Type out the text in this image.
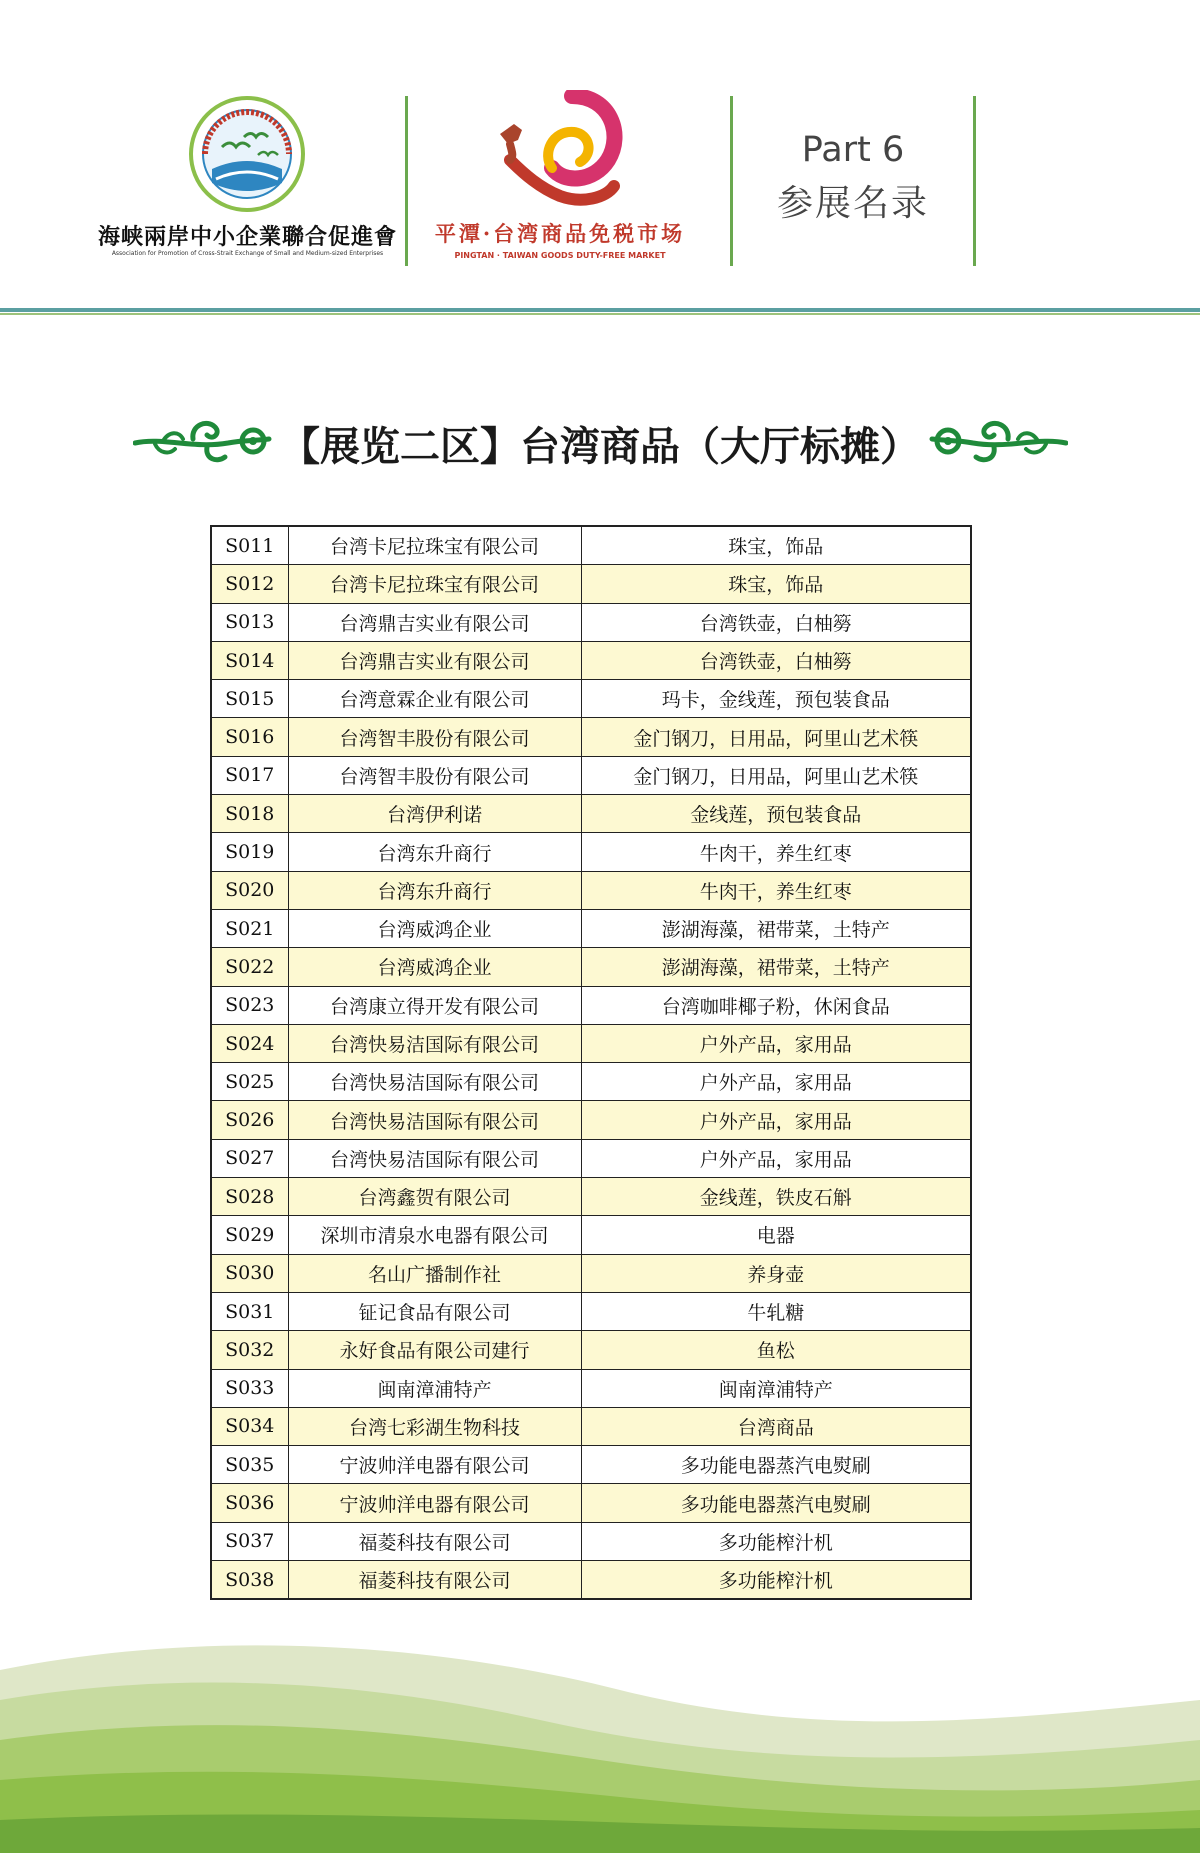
海峡兩岸中小企業聯合促進會
Association for Promotion of Cross-Strait Exchange of Small and Medium-sized Enterprises
平潭·台湾商品免税市场
PINGTAN · TAIWAN GOODS DUTY-FREE MARKET
Part 6
参展名录
【展览二区】台湾商品（大厅标摊）
S011	台湾卡尼拉珠宝有限公司	珠宝，饰品
S012	台湾卡尼拉珠宝有限公司	珠宝，饰品
S013	台湾鼎吉实业有限公司	台湾铁壶，白柚簩
S014	台湾鼎吉实业有限公司	台湾铁壶，白柚簩
S015	台湾意霖企业有限公司	玛卡，金线莲，预包装食品
S016	台湾智丰股份有限公司	金门钢刀，日用品，阿里山艺术筷
S017	台湾智丰股份有限公司	金门钢刀，日用品，阿里山艺术筷
S018	台湾伊利诺	金线莲，预包装食品
S019	台湾东升商行	牛肉干，养生红枣
S020	台湾东升商行	牛肉干，养生红枣
S021	台湾威鸿企业	澎湖海藻，裙带菜，土特产
S022	台湾威鸿企业	澎湖海藻，裙带菜，土特产
S023	台湾康立得开发有限公司	台湾咖啡椰子粉，休闲食品
S024	台湾快易洁国际有限公司	户外产品，家用品
S025	台湾快易洁国际有限公司	户外产品，家用品
S026	台湾快易洁国际有限公司	户外产品，家用品
S027	台湾快易洁国际有限公司	户外产品，家用品
S028	台湾鑫贺有限公司	金线莲，铁皮石斛
S029	深圳市清泉水电器有限公司	电器
S030	名山广播制作社	养身壶
S031	钲记食品有限公司	牛轧糖
S032	永好食品有限公司建行	鱼松
S033	闽南漳浦特产	闽南漳浦特产
S034	台湾七彩湖生物科技	台湾商品
S035	宁波帅洋电器有限公司	多功能电器蒸汽电熨刷
S036	宁波帅洋电器有限公司	多功能电器蒸汽电熨刷
S037	福菱科技有限公司	多功能榨汁机
S038	福菱科技有限公司	多功能榨汁机
